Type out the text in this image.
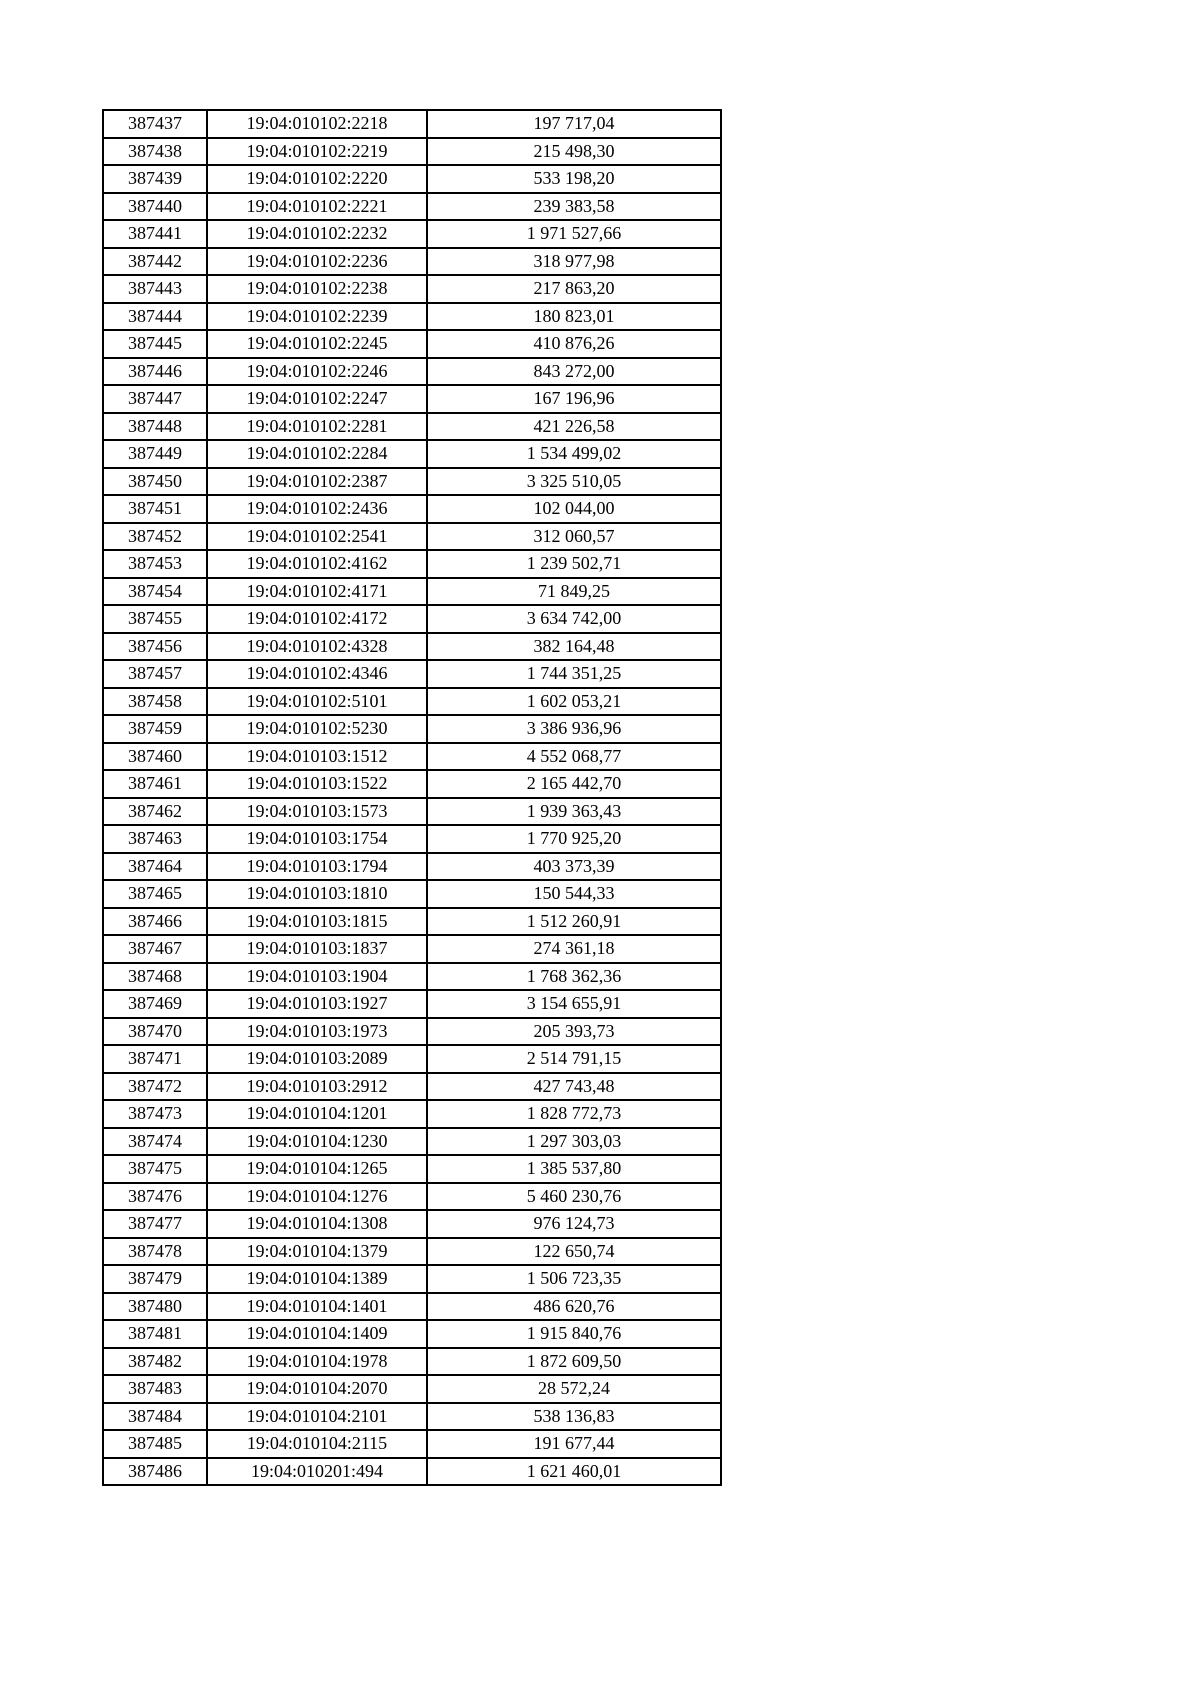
387437	19:04:010102:2218	197 717,04
387438	19:04:010102:2219	215 498,30
387439	19:04:010102:2220	533 198,20
387440	19:04:010102:2221	239 383,58
387441	19:04:010102:2232	1 971 527,66
387442	19:04:010102:2236	318 977,98
387443	19:04:010102:2238	217 863,20
387444	19:04:010102:2239	180 823,01
387445	19:04:010102:2245	410 876,26
387446	19:04:010102:2246	843 272,00
387447	19:04:010102:2247	167 196,96
387448	19:04:010102:2281	421 226,58
387449	19:04:010102:2284	1 534 499,02
387450	19:04:010102:2387	3 325 510,05
387451	19:04:010102:2436	102 044,00
387452	19:04:010102:2541	312 060,57
387453	19:04:010102:4162	1 239 502,71
387454	19:04:010102:4171	71 849,25
387455	19:04:010102:4172	3 634 742,00
387456	19:04:010102:4328	382 164,48
387457	19:04:010102:4346	1 744 351,25
387458	19:04:010102:5101	1 602 053,21
387459	19:04:010102:5230	3 386 936,96
387460	19:04:010103:1512	4 552 068,77
387461	19:04:010103:1522	2 165 442,70
387462	19:04:010103:1573	1 939 363,43
387463	19:04:010103:1754	1 770 925,20
387464	19:04:010103:1794	403 373,39
387465	19:04:010103:1810	150 544,33
387466	19:04:010103:1815	1 512 260,91
387467	19:04:010103:1837	274 361,18
387468	19:04:010103:1904	1 768 362,36
387469	19:04:010103:1927	3 154 655,91
387470	19:04:010103:1973	205 393,73
387471	19:04:010103:2089	2 514 791,15
387472	19:04:010103:2912	427 743,48
387473	19:04:010104:1201	1 828 772,73
387474	19:04:010104:1230	1 297 303,03
387475	19:04:010104:1265	1 385 537,80
387476	19:04:010104:1276	5 460 230,76
387477	19:04:010104:1308	976 124,73
387478	19:04:010104:1379	122 650,74
387479	19:04:010104:1389	1 506 723,35
387480	19:04:010104:1401	486 620,76
387481	19:04:010104:1409	1 915 840,76
387482	19:04:010104:1978	1 872 609,50
387483	19:04:010104:2070	28 572,24
387484	19:04:010104:2101	538 136,83
387485	19:04:010104:2115	191 677,44
387486	19:04:010201:494	1 621 460,01
